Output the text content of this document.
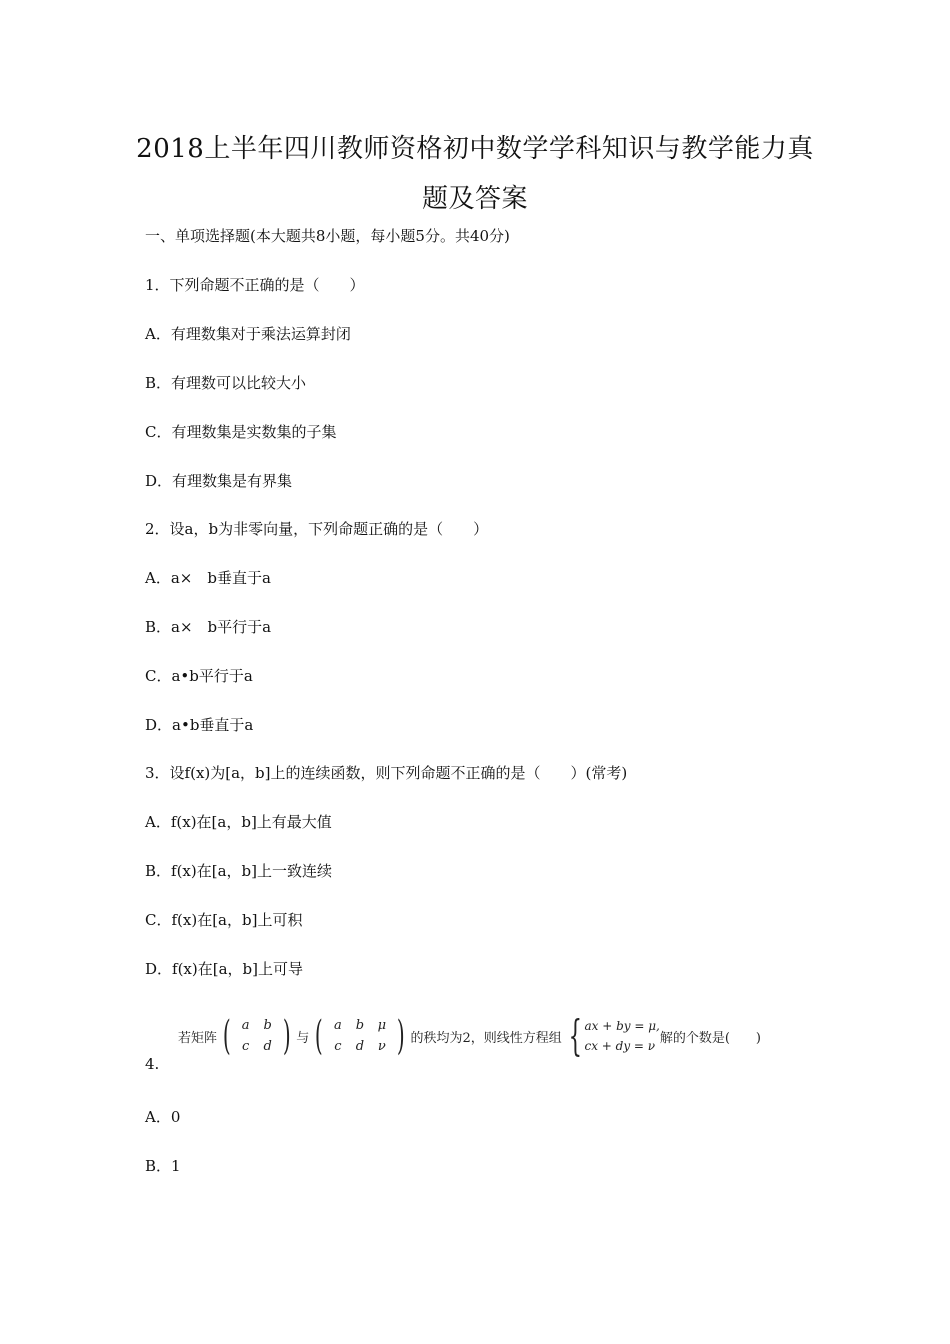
2018上半年四川教师资格初中数学学科知识与教学能力真
题及答案
一、单项选择题(本大题共8小题，每小题5分。共40分)
1．下列命题不正确的是（　　）
A．有理数集对于乘法运算封闭
B．有理数可以比较大小
C．有理数集是实数集的子集
D．有理数集是有界集
2．设a，b为非零向量，下列命题正确的是（　　）
A．a×　b垂直于a
B．a×　b平行于a
C．a•b平行于a
D．a•b垂直于a
3．设f(x)为[a，b]上的连续函数，则下列命题不正确的是（　　）(常考)
A．f(x)在[a，b]上有最大值
B．f(x)在[a，b]上一致连续
C．f(x)在[a，b]上可积
D．f(x)在[a，b]上可导
若矩阵 ( a	b
c	d ) 与 ( a	b	μ
c	d	ν ) 的秩均为2，则线性方程组 { ax + by = μ,
cx + dy = ν
解的个数是(　　)
4.
A．0
B．1
